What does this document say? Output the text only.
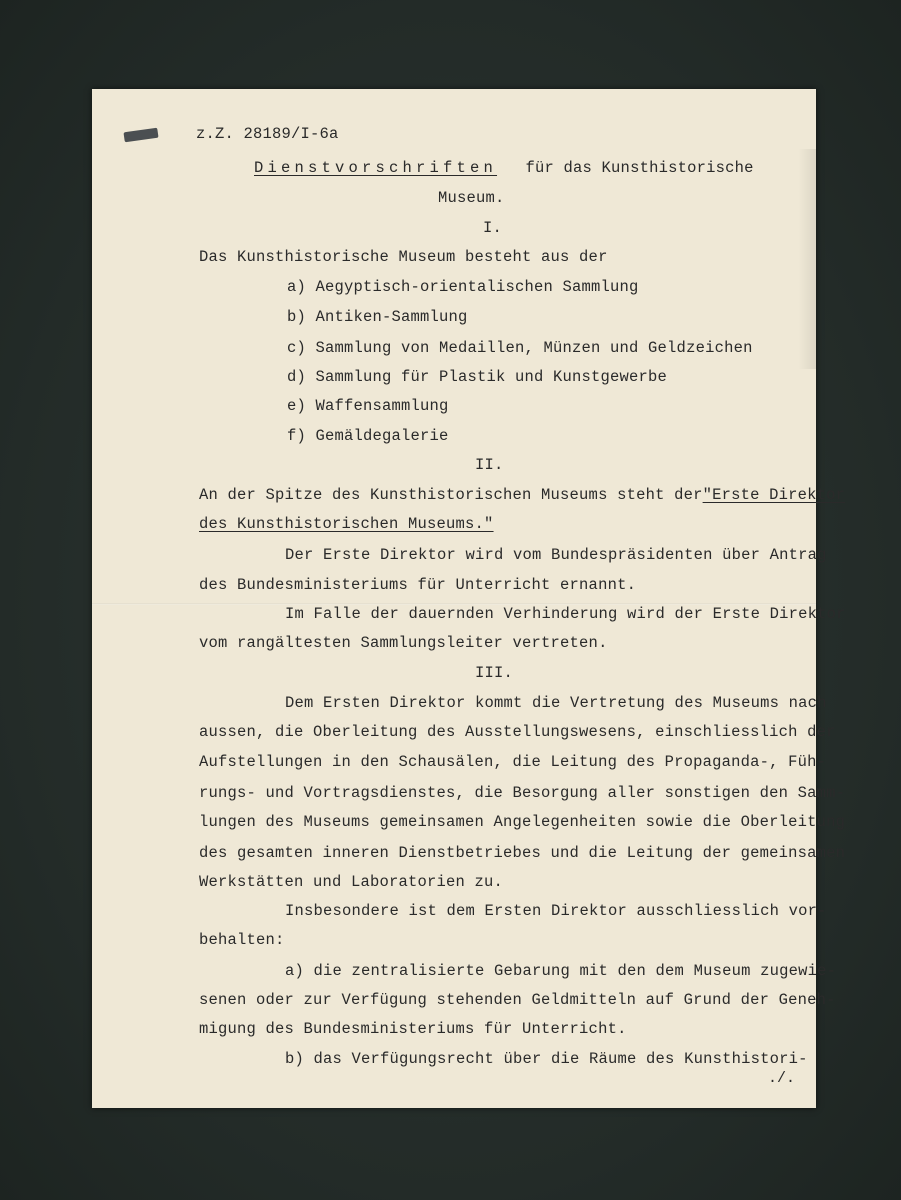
z.Z. 28189/I-6a
Dienstvorschriften für das Kunsthistorische
Museum.
I.
Das Kunsthistorische Museum besteht aus der
a) Aegyptisch-orientalischen Sammlung
b) Antiken-Sammlung
c) Sammlung von Medaillen, Münzen und Geldzeichen
d) Sammlung für Plastik und Kunstgewerbe
e) Waffensammlung
f) Gemäldegalerie
II.
An der Spitze des Kunsthistorischen Museums steht der"Erste Direktor
des Kunsthistorischen Museums."
Der Erste Direktor wird vom Bundespräsidenten über Antrag
des Bundesministeriums für Unterricht ernannt.
Im Falle der dauernden Verhinderung wird der Erste Direktor
vom rangältesten Sammlungsleiter vertreten.
III.
Dem Ersten Direktor kommt die Vertretung des Museums nach
aussen, die Oberleitung des Ausstellungswesens, einschliesslich der
Aufstellungen in den Schausälen, die Leitung des Propaganda-, Füh-
rungs- und Vortragsdienstes, die Besorgung aller sonstigen den Samm-
lungen des Museums gemeinsamen Angelegenheiten sowie die Oberleitung
des gesamten inneren Dienstbetriebes und die Leitung der gemeinsamen
Werkstätten und Laboratorien zu.
Insbesondere ist dem Ersten Direktor ausschliesslich vor-
behalten:
a) die zentralisierte Gebarung mit den dem Museum zugewie-
senen oder zur Verfügung stehenden Geldmitteln auf Grund der Geneh-
migung des Bundesministeriums für Unterricht.
b) das Verfügungsrecht über die Räume des Kunsthistori-
./.
